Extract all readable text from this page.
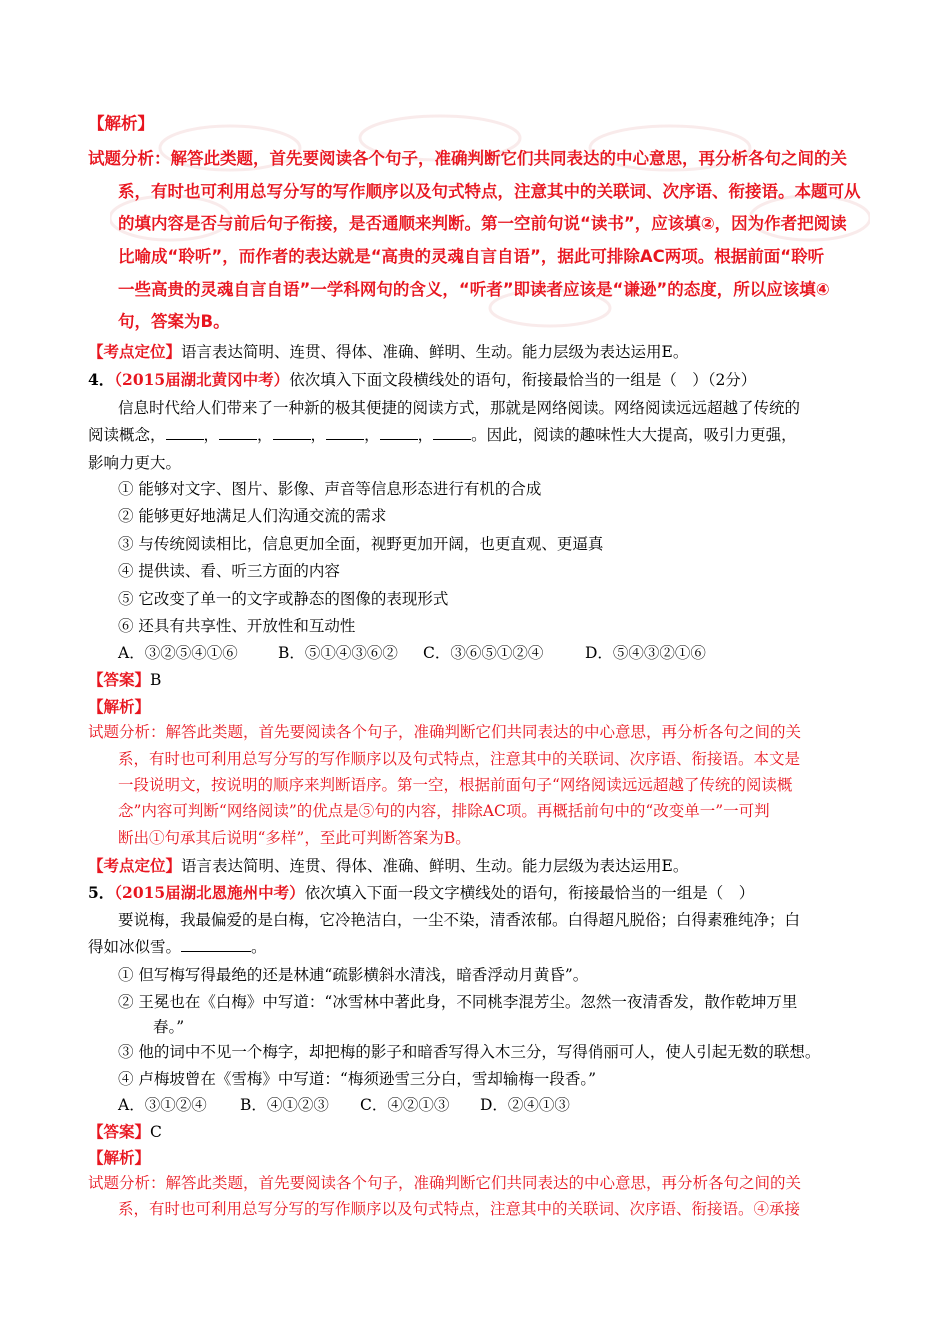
【解析】
试题分析：解答此类题，首先要阅读各个句子，准确判断它们共同表达的中心意思，再分析各句之间的关
系，有时也可利用总写分写的写作顺序以及句式特点，注意其中的关联词、次序语、衔接语。本题可从
的填内容是否与前后句子衔接，是否通顺来判断。第一空前句说“读书”，应该填②，因为作者把阅读
比喻成“聆听”，而作者的表达就是“高贵的灵魂自言自语”，据此可排除AC两项。根据前面“聆听
一些高贵的灵魂自言自语”一学科网句的含义，“听者”即读者应该是“谦逊”的态度，所以应该填④
句，答案为B。
【考点定位】语言表达简明、连贯、得体、准确、鲜明、生动。能力层级为表达运用E。
4．（2015届湖北黄冈中考）依次填入下面文段横线处的语句，衔接最恰当的一组是（　）（2分）
信息时代给人们带来了一种新的极其便捷的阅读方式，那就是网络阅读。网络阅读远远超越了传统的
阅读概念， ， ， ， ， ， 。因此，阅读的趣味性大大提高，吸引力更强，
影响力更大。
① 能够对文字、图片、影像、声音等信息形态进行有机的合成
② 能够更好地满足人们沟通交流的需求
③ 与传统阅读相比，信息更加全面，视野更加开阔，也更直观、更逼真
④ 提供读、看、听三方面的内容
⑤ 它改变了单一的文字或静态的图像的表现形式
⑥ 还具有共享性、开放性和互动性
A．③②⑤④①⑥	B．⑤①④③⑥② C．③⑥⑤①②④	D．⑤④③②①⑥
【答案】B
【解析】
试题分析：解答此类题，首先要阅读各个句子，准确判断它们共同表达的中心意思，再分析各句之间的关
系，有时也可利用总写分写的写作顺序以及句式特点，注意其中的关联词、次序语、衔接语。本文是
一段说明文，按说明的顺序来判断语序。第一空，根据前面句子“网络阅读远远超越了传统的阅读概
念”内容可判断“网络阅读”的优点是⑤句的内容，排除AC项。再概括前句中的“改变单一”一可判
断出①句承其后说明“多样”，至此可判断答案为B。
【考点定位】语言表达简明、连贯、得体、准确、鲜明、生动。能力层级为表达运用E。
5．（2015届湖北恩施州中考）依次填入下面一段文字横线处的语句，衔接最恰当的一组是（　）
要说梅，我最偏爱的是白梅，它冷艳洁白，一尘不染，清香浓郁。白得超凡脱俗；白得素雅纯净；白
得如冰似雪。	。
① 但写梅写得最绝的还是林逋“疏影横斜水清浅，暗香浮动月黄昏”。
② 王冕也在《白梅》中写道：“冰雪林中著此身，不同桃李混芳尘。忽然一夜清香发，散作乾坤万里
春。”
③ 他的词中不见一个梅字，却把梅的影子和暗香写得入木三分，写得俏丽可人，使人引起无数的联想。
④ 卢梅坡曾在《雪梅》中写道：“梅须逊雪三分白，雪却输梅一段香。”
A．③①②④ B．④①②③ C．④②①③ D．②④①③
【答案】C
【解析】
试题分析：解答此类题，首先要阅读各个句子，准确判断它们共同表达的中心意思，再分析各句之间的关
系，有时也可利用总写分写的写作顺序以及句式特点，注意其中的关联词、次序语、衔接语。④承接
